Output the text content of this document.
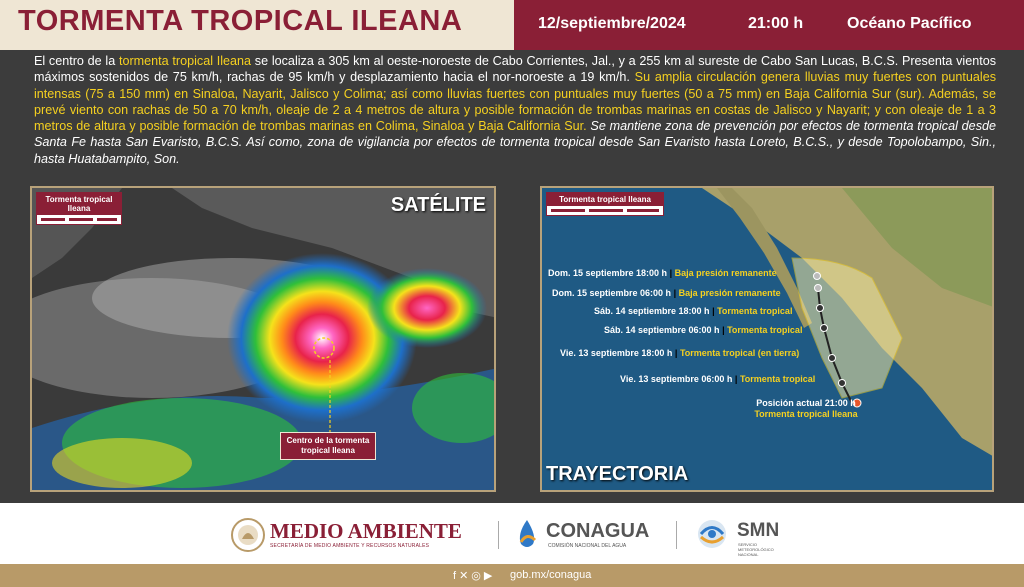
TORMENTA TROPICAL ILEANA	12/septiembre/2024	21:00 h	Océano Pacífico
El centro de la tormenta tropical Ileana se localiza a 305 km al oeste-noroeste de Cabo Corrientes, Jal., y a 255 km al sureste de Cabo San Lucas, B.C.S. Presenta vientos máximos sostenidos de 75 km/h, rachas de 95 km/h y desplazamiento hacia el nor-noroeste a 19 km/h. Su amplia circulación genera lluvias muy fuertes con puntuales intensas (75 a 150 mm) en Sinaloa, Nayarit, Jalisco y Colima; así como lluvias fuertes con puntuales muy fuertes (50 a 75 mm) en Baja California Sur (sur). Además, se prevé viento con rachas de 50 a 70 km/h, oleaje de 2 a 4 metros de altura y posible formación de trombas marinas en costas de Jalisco y Nayarit; y con oleaje de 1 a 3 metros de altura y posible formación de trombas marinas en Colima, Sinaloa y Baja California Sur. Se mantiene zona de prevención por efectos de tormenta tropical desde Santa Fe hasta San Evaristo, B.C.S. Así como, zona de vigilancia por efectos de tormenta tropical desde San Evaristo hasta Loreto, B.C.S., y desde Topolobampo, Sin., hasta Huatabampito, Son.
Tormenta tropical Ileana	SATÉLITE
Centro de la tormenta tropical Ileana
Tormenta tropical Ileana
Dom. 15 septiembre 18:00 h | Baja presión remanente
Dom. 15 septiembre 06:00 h | Baja presión remanente
Sáb. 14 septiembre 18:00 h | Tormenta tropical
Sáb. 14 septiembre 06:00 h | Tormenta tropical
Vie. 13 septiembre 18:00 h | Tormenta tropical (en tierra)
Vie. 13 septiembre 06:00 h | Tormenta tropical
Posición actual 21:00 h
Tormenta tropical Ileana
TRAYECTORIA
MEDIO AMBIENTE
SECRETARÍA DE MEDIO AMBIENTE Y RECURSOS NATURALES
CONAGUA
COMISIÓN NACIONAL DEL AGUA
SMN
SERVICIO METEOROLÓGICO NACIONAL
f ✕ ◎ ▶ gob.mx/conagua
